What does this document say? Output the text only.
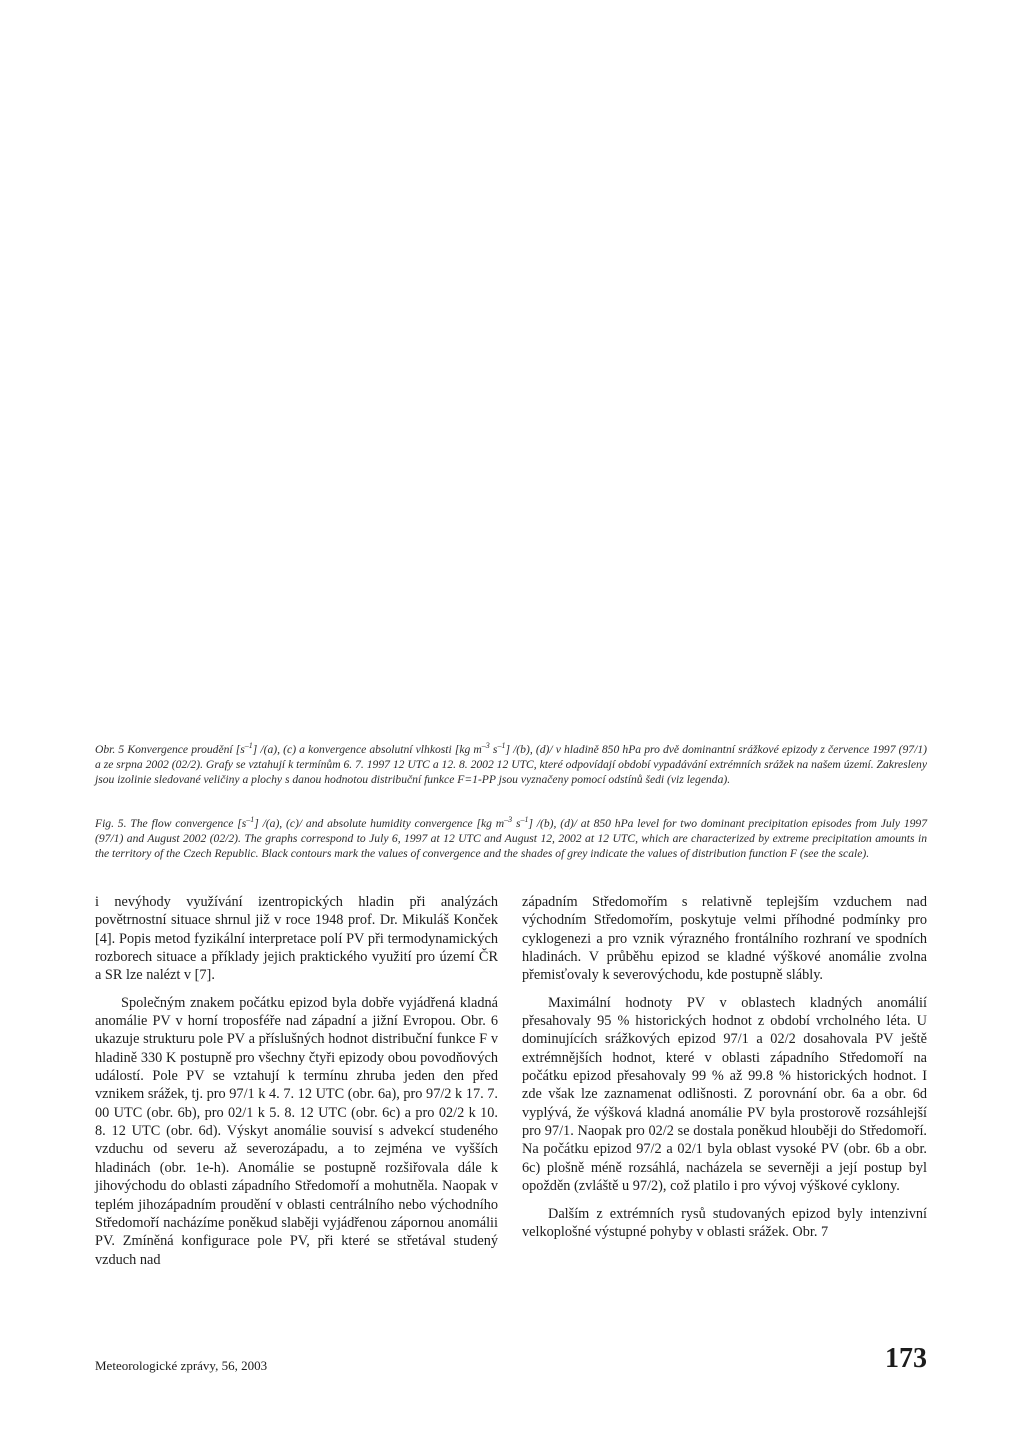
Obr. 5 Konvergence proudění $[s^{-1}]$ /(a), (c) a konvergence absolutní vlhkosti [kg $m^{-3}$ $s^{-1}$] /(b), (d)/ v hladině 850 hPa pro dvě dominantní srážkové epizody z července 1997 (97/1) a ze srpna 2002 (02/2). Grafy se vztahují k termínům 6. 7. 1997 12 UTC a 12. 8. 2002 12 UTC, které odpovídají období vypadávání extrémních srážek na našem území. Zakresleny jsou izolinie sledované veličiny a plochy s danou hodnotou distribuční funkce F=1-PP jsou vyznačeny pomocí odstínů šedi (viz legenda).

Fig. 5. The flow convergence $[s^{-1}]$ /(a), (c)/ and absolute humidity convergence [kg $m^{-3}$ $s^{-1}$] /(b), (d)/ at 850 hPa level for two dominant precipitation episodes from July 1997 (97/1) and August 2002 (02/2). The graphs correspond to July 6, 1997 at 12 UTC and August 12, 2002 at 12 UTC, which are characterized by extreme precipitation amounts in the territory of the Czech Republic. Black contours mark the values of convergence and the shades of grey indicate the values of distribution function F (see the scale).

i nevýhody využívání izentropických hladin při analýzách povětrnostní situace shrnul již v roce 1948 prof. Dr. Mikuláš Konček [4]. Popis metod fyzikální interpretace polí PV při termodynamických rozborech situace a příklady jejich praktického využití pro území ČR a SR lze nalézt v [7].

Společným znakem počátku epizod byla dobře vyjádřená kladná anomálie PV v horní troposféře nad západní a jižní Evropou. Obr. 6 ukazuje strukturu pole PV a příslušných hodnot distribuční funkce F v hladině 330 K postupně pro všechny čtyři epizody obou povodňových událostí. Pole PV se vztahují k termínu zhruba jeden den před vznikem srážek, tj. pro 97/1 k 4. 7. 12 UTC (obr. 6a), pro 97/2 k 17. 7. 00 UTC (obr. 6b), pro 02/1 k 5. 8. 12 UTC (obr. 6c) a pro 02/2 k 10. 8. 12 UTC (obr. 6d). Výskyt anomálie souvisí s advekcí studeného vzduchu od severu až severozápadu, a to zejména ve vyšších hladinách (obr. 1e-h). Anomálie se postupně rozšiřovala dále k jihovýchodu do oblasti západního Středomoří a mohutněla. Naopak v teplém jihozápadním proudění v oblasti centrálního nebo východního Středomoří nacházíme poněkud slaběji vyjádřenou zápornou anomálii PV. Zmíněná konfigurace pole PV, při které se střetával studený vzduch nad

západním Středomořím s relativně teplejším vzduchem nad východním Středomořím, poskytuje velmi příhodné podmínky pro cyklogenezi a pro vznik výrazného frontálního rozhraní ve spodních hladinách. V průběhu epizod se kladné výškové anomálie zvolna přemisťovaly k severovýchodu, kde postupně slábly.

Maximální hodnoty PV v oblastech kladných anomálií přesahovaly 95 % historických hodnot z období vrcholného léta. U dominujících srážkových epizod 97/1 a 02/2 dosahovala PV ještě extrémnějších hodnot, které v oblasti západního Středomoří na počátku epizod přesahovaly 99 % až 99.8 % historických hodnot. I zde však lze zaznamenat odlišnosti. Z porovnání obr. 6a a obr. 6d vyplývá, že výšková kladná anomálie PV byla prostorově rozsáhlejší pro 97/1. Naopak pro 02/2 se dostala poněkud hlouběji do Středomoří. Na počátku epizod 97/2 a 02/1 byla oblast vysoké PV (obr. 6b a obr. 6c) plošně méně rozsáhlá, nacházela se severněji a její postup byl opožděn (zvláště u 97/2), což platilo i pro vývoj výškové cyklony.

Dalším z extrémních rysů studovaných epizod byly intenzivní velkoplošné výstupné pohyby v oblasti srážek. Obr. 7

Meteorologické zprávy, 56, 2003	173
